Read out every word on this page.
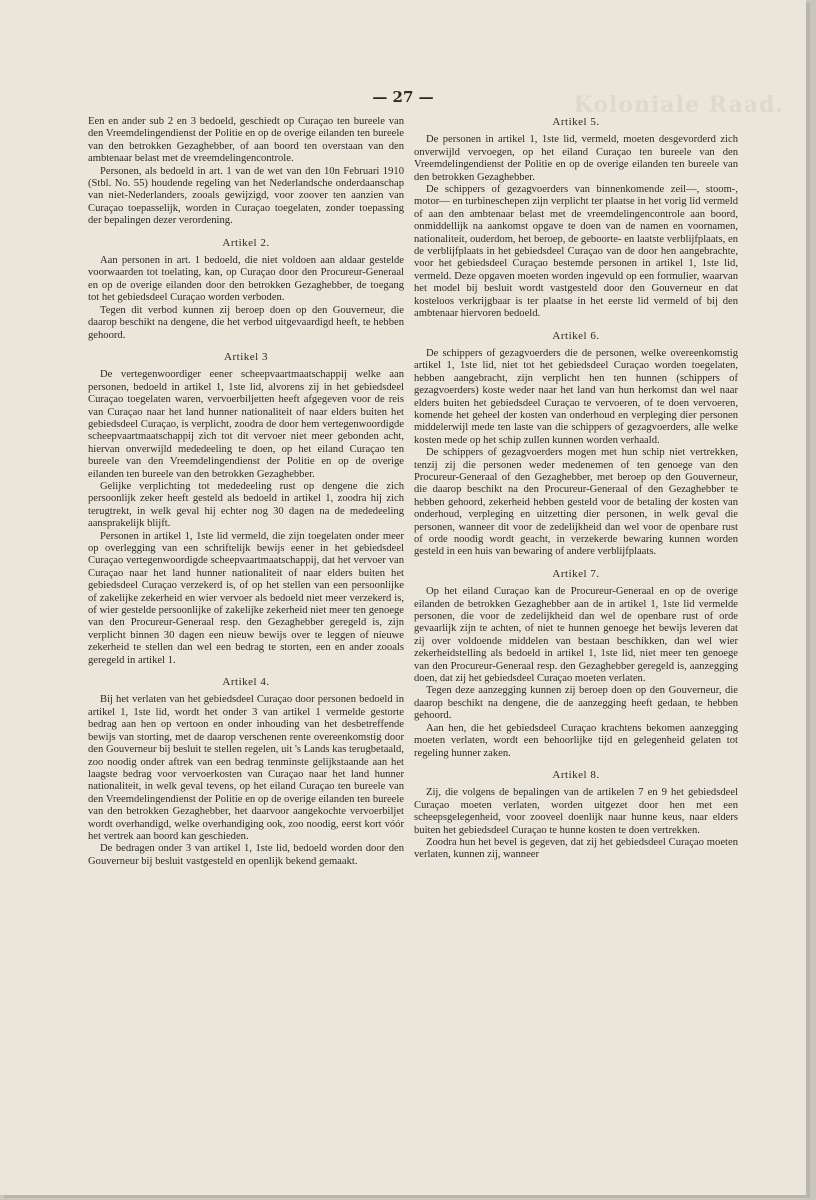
Koloniale Raad.
— 27 —

Een en ander sub 2 en 3 bedoeld, geschiedt op Curaçao ten bureele van den Vreemdelingendienst der Politie en op de overige eilanden ten bureele van den betrokken Gezaghebber, of aan boord ten overstaan van den ambtenaar belast met de vreemdelingencontrole.

Personen, als bedoeld in art. 1 van de wet van den 10n Februari 1910 (Stbl. No. 55) houdende regeling van het Nederlandsche onderdaanschap van niet-Nederlanders, zooals gewijzigd, voor zoover ten aanzien van Curaçao toepasselijk, worden in Curaçao toegelaten, zonder toepassing der bepalingen dezer verordening.

Artikel 2.

Aan personen in art. 1 bedoeld, die niet voldoen aan aldaar gestelde voorwaarden tot toelating, kan, op Curaçao door den Procureur-Generaal en op de overige eilanden door den betrokken Gezaghebber, de toegang tot het gebiedsdeel Curaçao worden verboden.

Tegen dit verbod kunnen zij beroep doen op den Gouverneur, die daarop beschikt na dengene, die het verbod uitgevaardigd heeft, te hebben gehoord.

Artikel 3

De vertegenwoordiger eener scheepvaartmaatschappij welke aan personen, bedoeld in artikel 1, 1ste lid, alvorens zij in het gebiedsdeel Curaçao toegelaten waren, vervoerbiljetten heeft afgegeven voor de reis van Curaçao naar het land hunner nationaliteit of naar elders buiten het gebiedsdeel Curaçao, is verplicht, zoodra de door hem vertegenwoordigde scheepvaartmaatschappij zich tot dit vervoer niet meer gebonden acht, hiervan onverwijld mededeeling te doen, op het eiland Curaçao ten bureele van den Vreemdelingendienst der Politie en op de overige eilanden ten bureele van den betrokken Gezaghebber.

Gelijke verplichting tot mededeeling rust op dengene die zich persoonlijk zeker heeft gesteld als bedoeld in artikel 1, zoodra hij zich terugtrekt, in welk geval hij echter nog 30 dagen na de mededeeling aansprakelijk blijft.

Personen in artikel 1, 1ste lid vermeld, die zijn toegelaten onder meer op overlegging van een schriftelijk bewijs eener in het gebiedsdeel Curaçao vertegenwoordigde scheepvaartmaatschappij, dat het vervoer van Curaçao naar het land hunner nationaliteit of naar elders buiten het gebiedsdeel Curaçao verzekerd is, of op het stellen van een persoonlijke of zakelijke zekerheid en wier vervoer als bedoeld niet meer verzekerd is, of wier gestelde persoonlijke of zakelijke zekerheid niet meer ten genoege van den Procureur-Generaal resp. den Gezaghebber geregeld is, zijn verplicht binnen 30 dagen een nieuw bewijs over te leggen of nieuwe zekerheid te stellen dan wel een bedrag te storten, een en ander zooals geregeld in artikel 1.

Artikel 4.

Bij het verlaten van het gebiedsdeel Curaçao door personen bedoeld in artikel 1, 1ste lid, wordt het onder 3 van artikel 1 vermelde gestorte bedrag aan hen op vertoon en onder inhouding van het desbetreffende bewijs van storting, met de daarop verschenen rente overeenkomstig door den Gouverneur bij besluit te stellen regelen, uit 's Lands kas terugbetaald, zoo noodig onder aftrek van een bedrag tenminste gelijkstaande aan het laagste bedrag voor vervoerkosten van Curaçao naar het land hunner nationaliteit, in welk geval tevens, op het eiland Curaçao ten bureele van den Vreemdelingendienst der Politie en op de overige eilanden ten bureele van den betrokken Gezaghebber, het daarvoor aangekochte vervoerbiljet wordt overhandigd, welke overhandiging ook, zoo noodig, eerst kort vóór het vertrek aan boord kan geschieden.

De bedragen onder 3 van artikel 1, 1ste lid, bedoeld worden door den Gouverneur bij besluit vastgesteld en openlijk bekend gemaakt.

Artikel 5.

De personen in artikel 1, 1ste lid, vermeld, moeten desgevorderd zich onverwijld vervoegen, op het eiland Curaçao ten bureele van den Vreemdelingendienst der Politie en op de overige eilanden ten bureele van den betrokken Gezaghebber.

De schippers of gezagvoerders van binnenkomende zeil—, stoom-, motor— en turbineschepen zijn verplicht ter plaatse in het vorig lid vermeld of aan den ambtenaar belast met de vreemdelingencontrole aan boord, onmiddellijk na aankomst opgave te doen van de namen en voornamen, nationaliteit, ouderdom, het beroep, de geboorte- en laatste verblijfplaats, en de verblijfplaats in het gebiedsdeel Curaçao van de door hen aangebrachte, voor het gebiedsdeel Curaçao bestemde personen in artikel 1, 1ste lid, vermeld. Deze opgaven moeten worden ingevuld op een formulier, waarvan het model bij besluit wordt vastgesteld door den Gouverneur en dat kosteloos verkrijgbaar is ter plaatse in het eerste lid vermeld of bij den ambtenaar hiervoren bedoeld.

Artikel 6.

De schippers of gezagvoerders die de personen, welke overeenkomstig artikel 1, 1ste lid, niet tot het gebiedsdeel Curaçao worden toegelaten, hebben aangebracht, zijn verplicht hen ten hunnen (schippers of gezagvoerders) koste weder naar het land van hun herkomst dan wel naar elders buiten het gebiedsdeel Curaçao te vervoeren, of te doen vervoeren, komende het geheel der kosten van onderhoud en verpleging dier personen middelerwijl mede ten laste van die schippers of gezagvoerders, alle welke kosten mede op het schip zullen kunnen worden verhaald.

De schippers of gezagvoerders mogen met hun schip niet vertrekken, tenzij zij die personen weder medenemen of ten genoege van den Procureur-Generaal of den Gezaghebber, met beroep op den Gouverneur, die daarop beschikt na den Procureur-Generaal of den Gezaghebber te hebben gehoord, zekerheid hebben gesteld voor de betaling der kosten van onderhoud, verpleging en uitzetting dier personen, in welk geval die personen, wanneer dit voor de zedelijkheid dan wel voor de openbare rust of orde noodig wordt geacht, in verzekerde bewaring kunnen worden gesteld in een huis van bewaring of andere verblijfplaats.

Artikel 7.

Op het eiland Curaçao kan de Procureur-Generaal en op de overige eilanden de betrokken Gezaghebber aan de in artikel 1, 1ste lid vermelde personen, die voor de zedelijkheid dan wel de openbare rust of orde gevaarlijk zijn te achten, of niet te hunnen genoege het bewijs leveren dat zij over voldoende middelen van bestaan beschikken, dan wel wier zekerheidstelling als bedoeld in artikel 1, 1ste lid, niet meer ten genoege van den Procureur-Generaal resp. den Gezaghebber geregeld is, aanzegging doen, dat zij het gebiedsdeel Curaçao moeten verlaten.

Tegen deze aanzegging kunnen zij beroep doen op den Gouverneur, die daarop beschikt na dengene, die de aanzegging heeft gedaan, te hebben gehoord.

Aan hen, die het gebiedsdeel Curaçao krachtens bekomen aanzegging moeten verlaten, wordt een behoorlijke tijd en gelegenheid gelaten tot regeling hunner zaken.

Artikel 8.

Zij, die volgens de bepalingen van de artikelen 7 en 9 het gebiedsdeel Curaçao moeten verlaten, worden uitgezet door hen met een scheepsgelegenheid, voor zooveel doenlijk naar hunne keus, naar elders buiten het gebiedsdeel Curaçao te hunne kosten te doen vertrekken.

Zoodra hun het bevel is gegeven, dat zij het gebiedsdeel Curaçao moeten verlaten, kunnen zij, wanneer
